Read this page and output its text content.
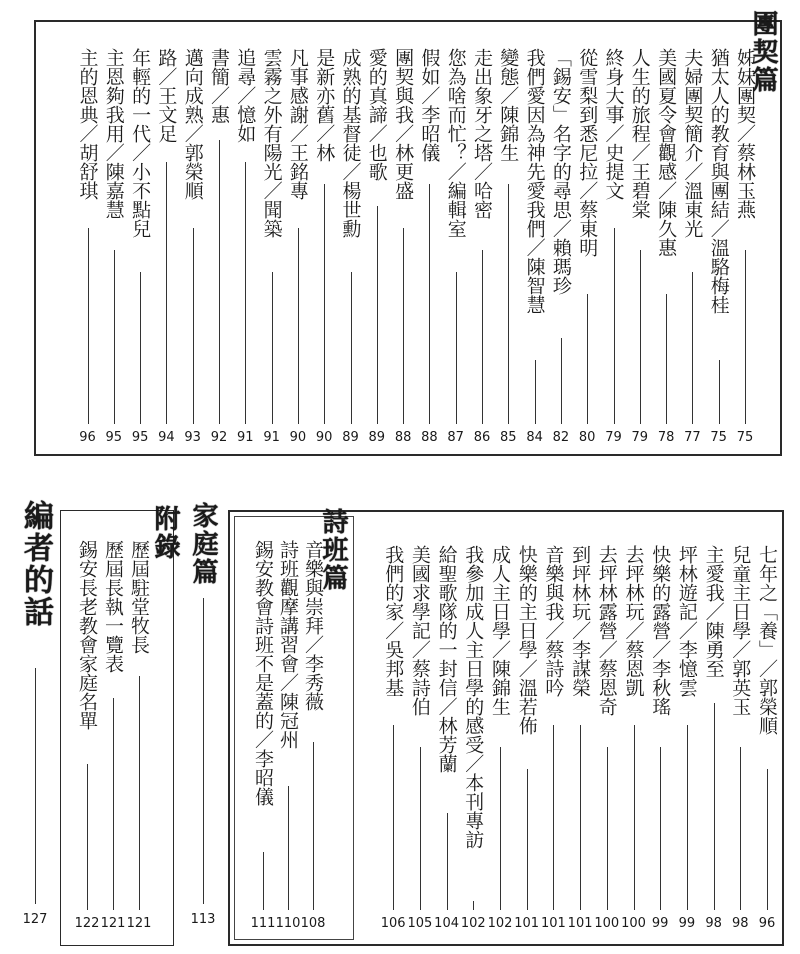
團契篇
姊妹團契／蔡林玉燕
75
猶太人的教育與團結／溫駱梅桂
75
夫婦團契簡介／溫東光
77
美國夏令會觀感／陳久惠
78
人生的旅程／王碧棠
79
終身大事／史提文
79
從雪梨到悉尼拉／蔡東明
80
「錫安」名字的尋思／賴瑪珍
82
我們愛因為神先愛我們／陳智慧
84
變態／陳錦生
85
走出象牙之塔／哈密
86
您為啥而忙？／編輯室
87
假如／李昭儀
88
團契與我／林更盛
88
愛的真諦／也歌
89
成熟的基督徒／楊世勳
89
是新亦舊／林
90
凡事感謝／王銘專
90
雲霧之外有陽光／聞築
91
追尋／憶如
91
書簡／惠
92
邁向成熟／郭榮順
93
路／王文足
94
年輕的一代／小不點兒
95
主恩夠我用／陳嘉慧
95
主的恩典／胡舒琪
96
詩班篇	七年之「養」／郭榮順
96
兒童主日學／郭英玉
98
主愛我／陳勇至
98
坪林遊記／李憶雲
99
快樂的露營／李秋瑤
99
去坪林玩／蔡恩凱
100
去坪林露營／蔡恩奇
100
到坪林玩／李謀榮
101
音樂與我／蔡詩吟
101
快樂的主日學／溫若佈
101
成人主日學／陳錦生
102
我參加成人主日學的感受／本刊專訪
102
給聖歌隊的一封信／林芳蘭
104
美國求學記／蔡詩伯
105
我們的家／吳邦基
106
音樂與崇拜／李秀薇
108
詩班觀摩講習會／陳冠州
110
錫安教會詩班不是蓋的／李昭儀
111
家庭篇
113
附錄
歷屆駐堂牧長
121
歷屆長執一覽表
121
錫安長老教會家庭名單
122
編者的話
127
